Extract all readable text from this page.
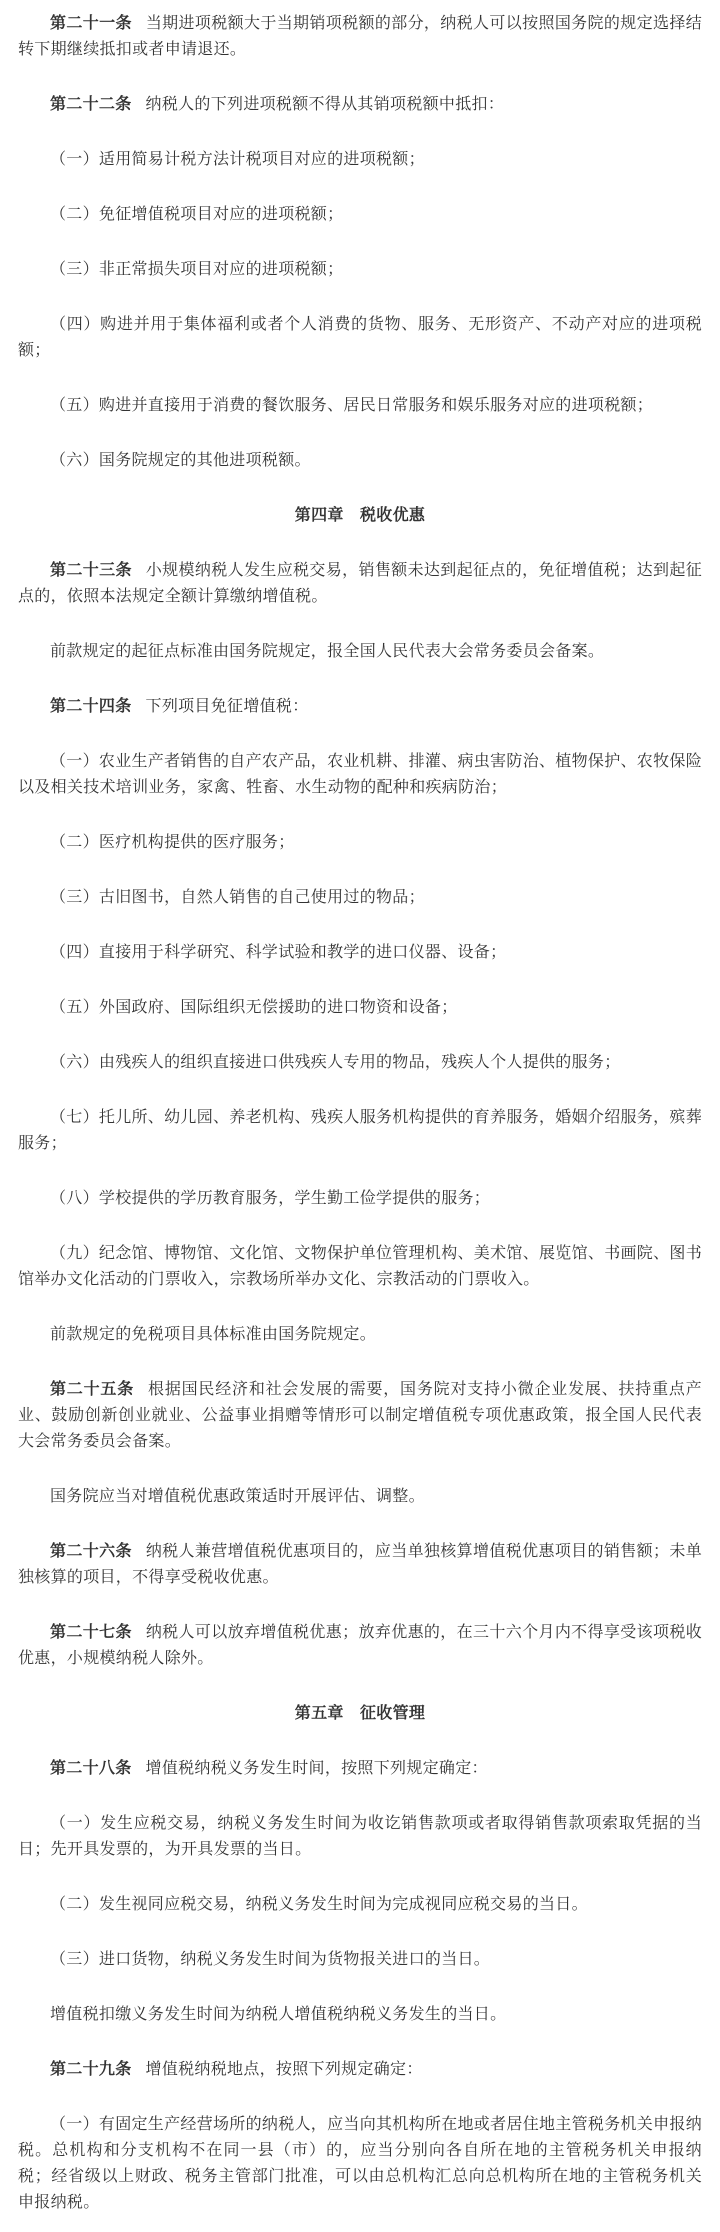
第二十一条 当期进项税额大于当期销项税额的部分，纳税人可以按照国务院的规定选择结转下期继续抵扣或者申请退还。

第二十二条 纳税人的下列进项税额不得从其销项税额中抵扣：

（一）适用简易计税方法计税项目对应的进项税额；

（二）免征增值税项目对应的进项税额；

（三）非正常损失项目对应的进项税额；

（四）购进并用于集体福利或者个人消费的货物、服务、无形资产、不动产对应的进项税额；

（五）购进并直接用于消费的餐饮服务、居民日常服务和娱乐服务对应的进项税额；

（六）国务院规定的其他进项税额。

第四章　税收优惠

第二十三条 小规模纳税人发生应税交易，销售额未达到起征点的，免征增值税；达到起征点的，依照本法规定全额计算缴纳增值税。

前款规定的起征点标准由国务院规定，报全国人民代表大会常务委员会备案。

第二十四条 下列项目免征增值税：

（一）农业生产者销售的自产农产品，农业机耕、排灌、病虫害防治、植物保护、农牧保险以及相关技术培训业务，家禽、牲畜、水生动物的配种和疾病防治；

（二）医疗机构提供的医疗服务；

（三）古旧图书，自然人销售的自己使用过的物品；

（四）直接用于科学研究、科学试验和教学的进口仪器、设备；

（五）外国政府、国际组织无偿援助的进口物资和设备；

（六）由残疾人的组织直接进口供残疾人专用的物品，残疾人个人提供的服务；

（七）托儿所、幼儿园、养老机构、残疾人服务机构提供的育养服务，婚姻介绍服务，殡葬服务；

（八）学校提供的学历教育服务，学生勤工俭学提供的服务；

（九）纪念馆、博物馆、文化馆、文物保护单位管理机构、美术馆、展览馆、书画院、图书馆举办文化活动的门票收入，宗教场所举办文化、宗教活动的门票收入。

前款规定的免税项目具体标准由国务院规定。

第二十五条 根据国民经济和社会发展的需要，国务院对支持小微企业发展、扶持重点产业、鼓励创新创业就业、公益事业捐赠等情形可以制定增值税专项优惠政策，报全国人民代表大会常务委员会备案。

国务院应当对增值税优惠政策适时开展评估、调整。

第二十六条 纳税人兼营增值税优惠项目的，应当单独核算增值税优惠项目的销售额；未单独核算的项目，不得享受税收优惠。

第二十七条 纳税人可以放弃增值税优惠；放弃优惠的，在三十六个月内不得享受该项税收优惠，小规模纳税人除外。

第五章　征收管理

第二十八条 增值税纳税义务发生时间，按照下列规定确定：

（一）发生应税交易，纳税义务发生时间为收讫销售款项或者取得销售款项索取凭据的当日；先开具发票的，为开具发票的当日。

（二）发生视同应税交易，纳税义务发生时间为完成视同应税交易的当日。

（三）进口货物，纳税义务发生时间为货物报关进口的当日。

增值税扣缴义务发生时间为纳税人增值税纳税义务发生的当日。

第二十九条 增值税纳税地点，按照下列规定确定：

（一）有固定生产经营场所的纳税人，应当向其机构所在地或者居住地主管税务机关申报纳税。总机构和分支机构不在同一县（市）的，应当分别向各自所在地的主管税务机关申报纳税；经省级以上财政、税务主管部门批准，可以由总机构汇总向总机构所在地的主管税务机关申报纳税。
